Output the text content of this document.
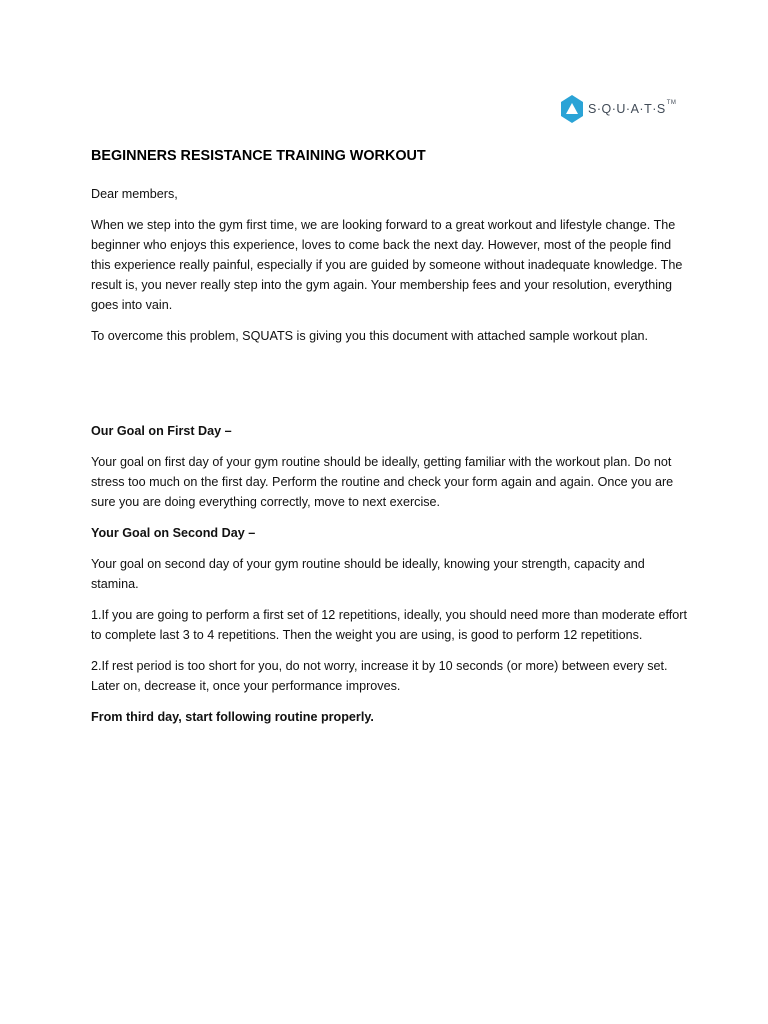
S·Q·U·A·T·S™
BEGINNERS RESISTANCE TRAINING WORKOUT

Dear members,

When we step into the gym first time, we are looking forward to a great workout and lifestyle change. The beginner who enjoys this experience, loves to come back the next day. However, most of the people find this experience really painful, especially if you are guided by someone without inadequate knowledge. The result is, you never really step into the gym again. Your membership fees and your resolution, everything goes into vain.

To overcome this problem, SQUATS is giving you this document with attached sample workout plan.

Our Goal on First Day –

Your goal on first day of your gym routine should be ideally, getting familiar with the workout plan. Do not stress too much on the first day. Perform the routine and check your form again and again. Once you are sure you are doing everything correctly, move to next exercise.

Your Goal on Second Day –

Your goal on second day of your gym routine should be ideally, knowing your strength, capacity and stamina.

1.If you are going to perform a first set of 12 repetitions, ideally, you should need more than moderate effort to complete last 3 to 4 repetitions. Then the weight you are using, is good to perform 12 repetitions.

2.If rest period is too short for you, do not worry, increase it by 10 seconds (or more) between every set. Later on, decrease it, once your performance improves.

From third day, start following routine properly.
